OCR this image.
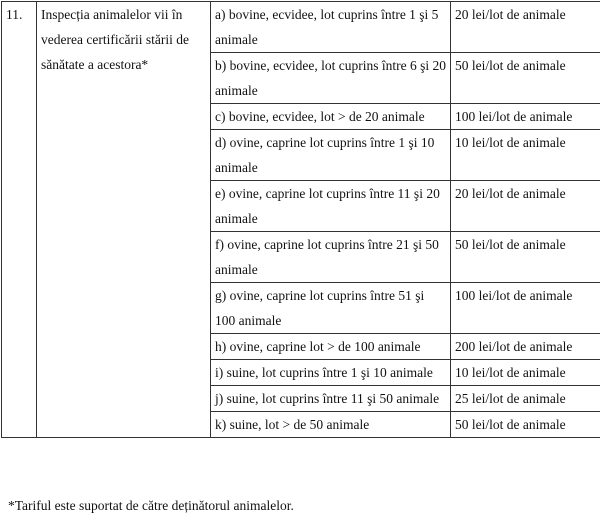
11.	Inspecția animalelor vii în vederea certificării stării de sănătate a acestora*	a) bovine, ecvidee, lot cuprins între 1 şi 5 animale	20 lei/lot de animale
		b) bovine, ecvidee, lot cuprins între 6 şi 20 animale	50 lei/lot de animale
		c) bovine, ecvidee, lot > de 20 animale	100 lei/lot de animale
		d) ovine, caprine lot cuprins între 1 şi 10 animale	10 lei/lot de animale
		e) ovine, caprine lot cuprins între 11 şi 20 animale	20 lei/lot de animale
		f) ovine, caprine lot cuprins între 21 şi 50 animale	50 lei/lot de animale
		g) ovine, caprine lot cuprins între 51 şi 100 animale	100 lei/lot de animale
		h) ovine, caprine lot > de 100 animale	200 lei/lot de animale
		i) suine, lot cuprins între 1 şi 10 animale	10 lei/lot de animale
		j) suine, lot cuprins între 11 şi 50 animale	25 lei/lot de animale
		k) suine, lot > de 50 animale	50 lei/lot de animale
*Tariful este suportat de către deținătorul animalelor.
